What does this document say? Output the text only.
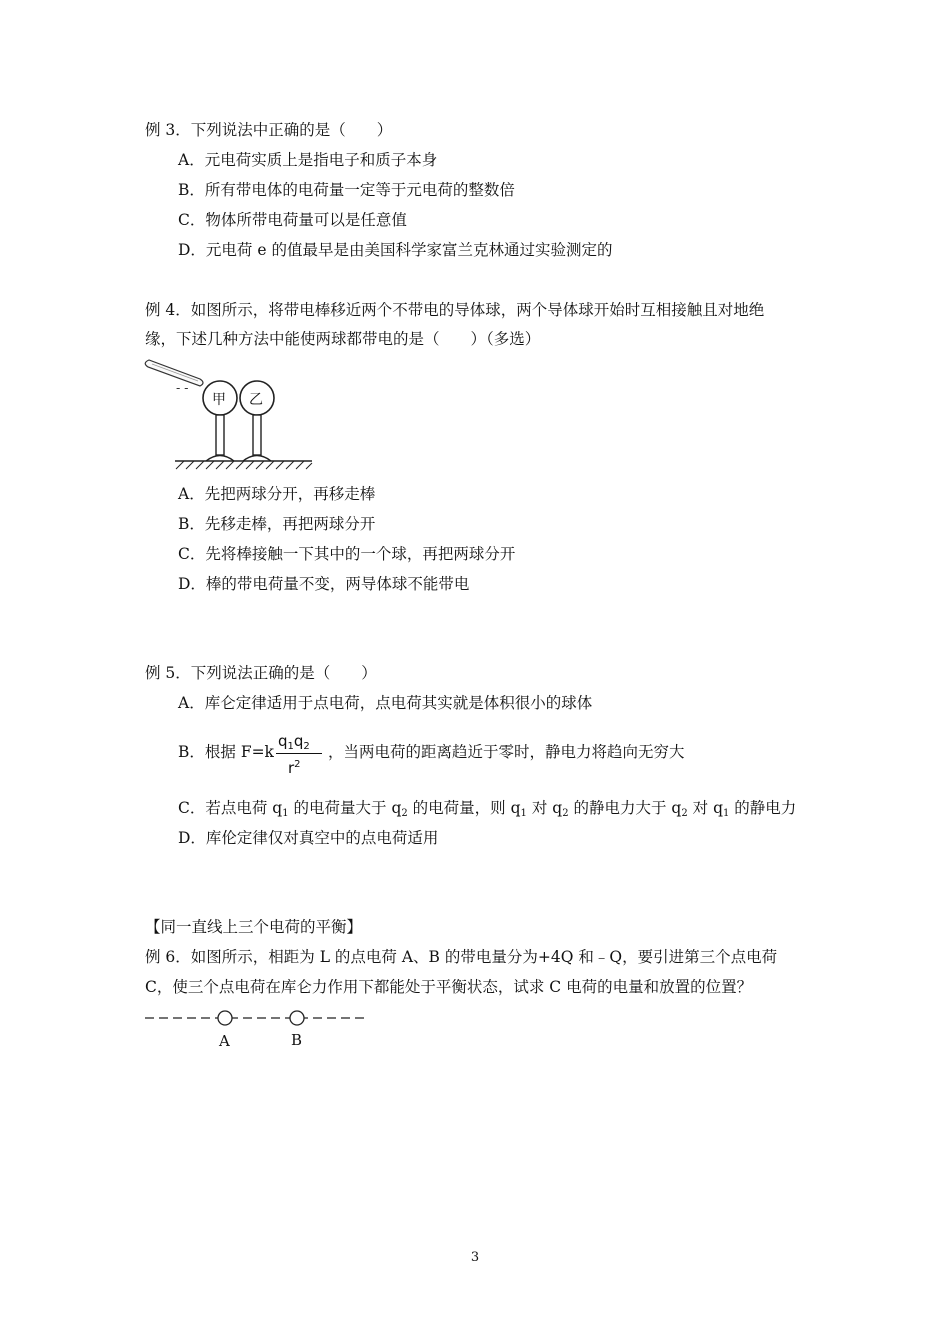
例 3．下列说法中正确的是（　　）
A．元电荷实质上是指电子和质子本身
B．所有带电体的电荷量一定等于元电荷的整数倍
C．物体所带电荷量可以是任意值
D．元电荷 e 的值最早是由美国科学家富兰克林通过实验测定的
例 4．如图所示，将带电棒移近两个不带电的导体球，两个导体球开始时互相接触且对地绝
缘，下述几种方法中能使两球都带电的是（　　）（多选）
- -
甲 乙
A．先把两球分开，再移走棒
B．先移走棒，再把两球分开
C．先将棒接触一下其中的一个球，再把两球分开
D．棒的带电荷量不变，两导体球不能带电
例 5．下列说法正确的是（　　）
A．库仑定律适用于点电荷，点电荷其实就是体积很小的球体
B．根据 $F=k \frac{q_1q_2}{r^2}$ ，当两电荷的距离趋近于零时，静电力将趋向无穷大
C．若点电荷 $q_1$ 的电荷量大于 $q_2$ 的电荷量，则 $q_1$ 对 $q_2$ 的静电力大于 $q_2$ 对 $q_1$ 的静电力
D．库伦定律仅对真空中的点电荷适用
【同一直线上三个电荷的平衡】
例 6．如图所示，相距为 L 的点电荷 A、B 的带电量分为+4Q 和﹣Q，要引进第三个点电荷
C，使三个点电荷在库仑力作用下都能处于平衡状态，试求 C 电荷的电量和放置的位置？
A	B
3
